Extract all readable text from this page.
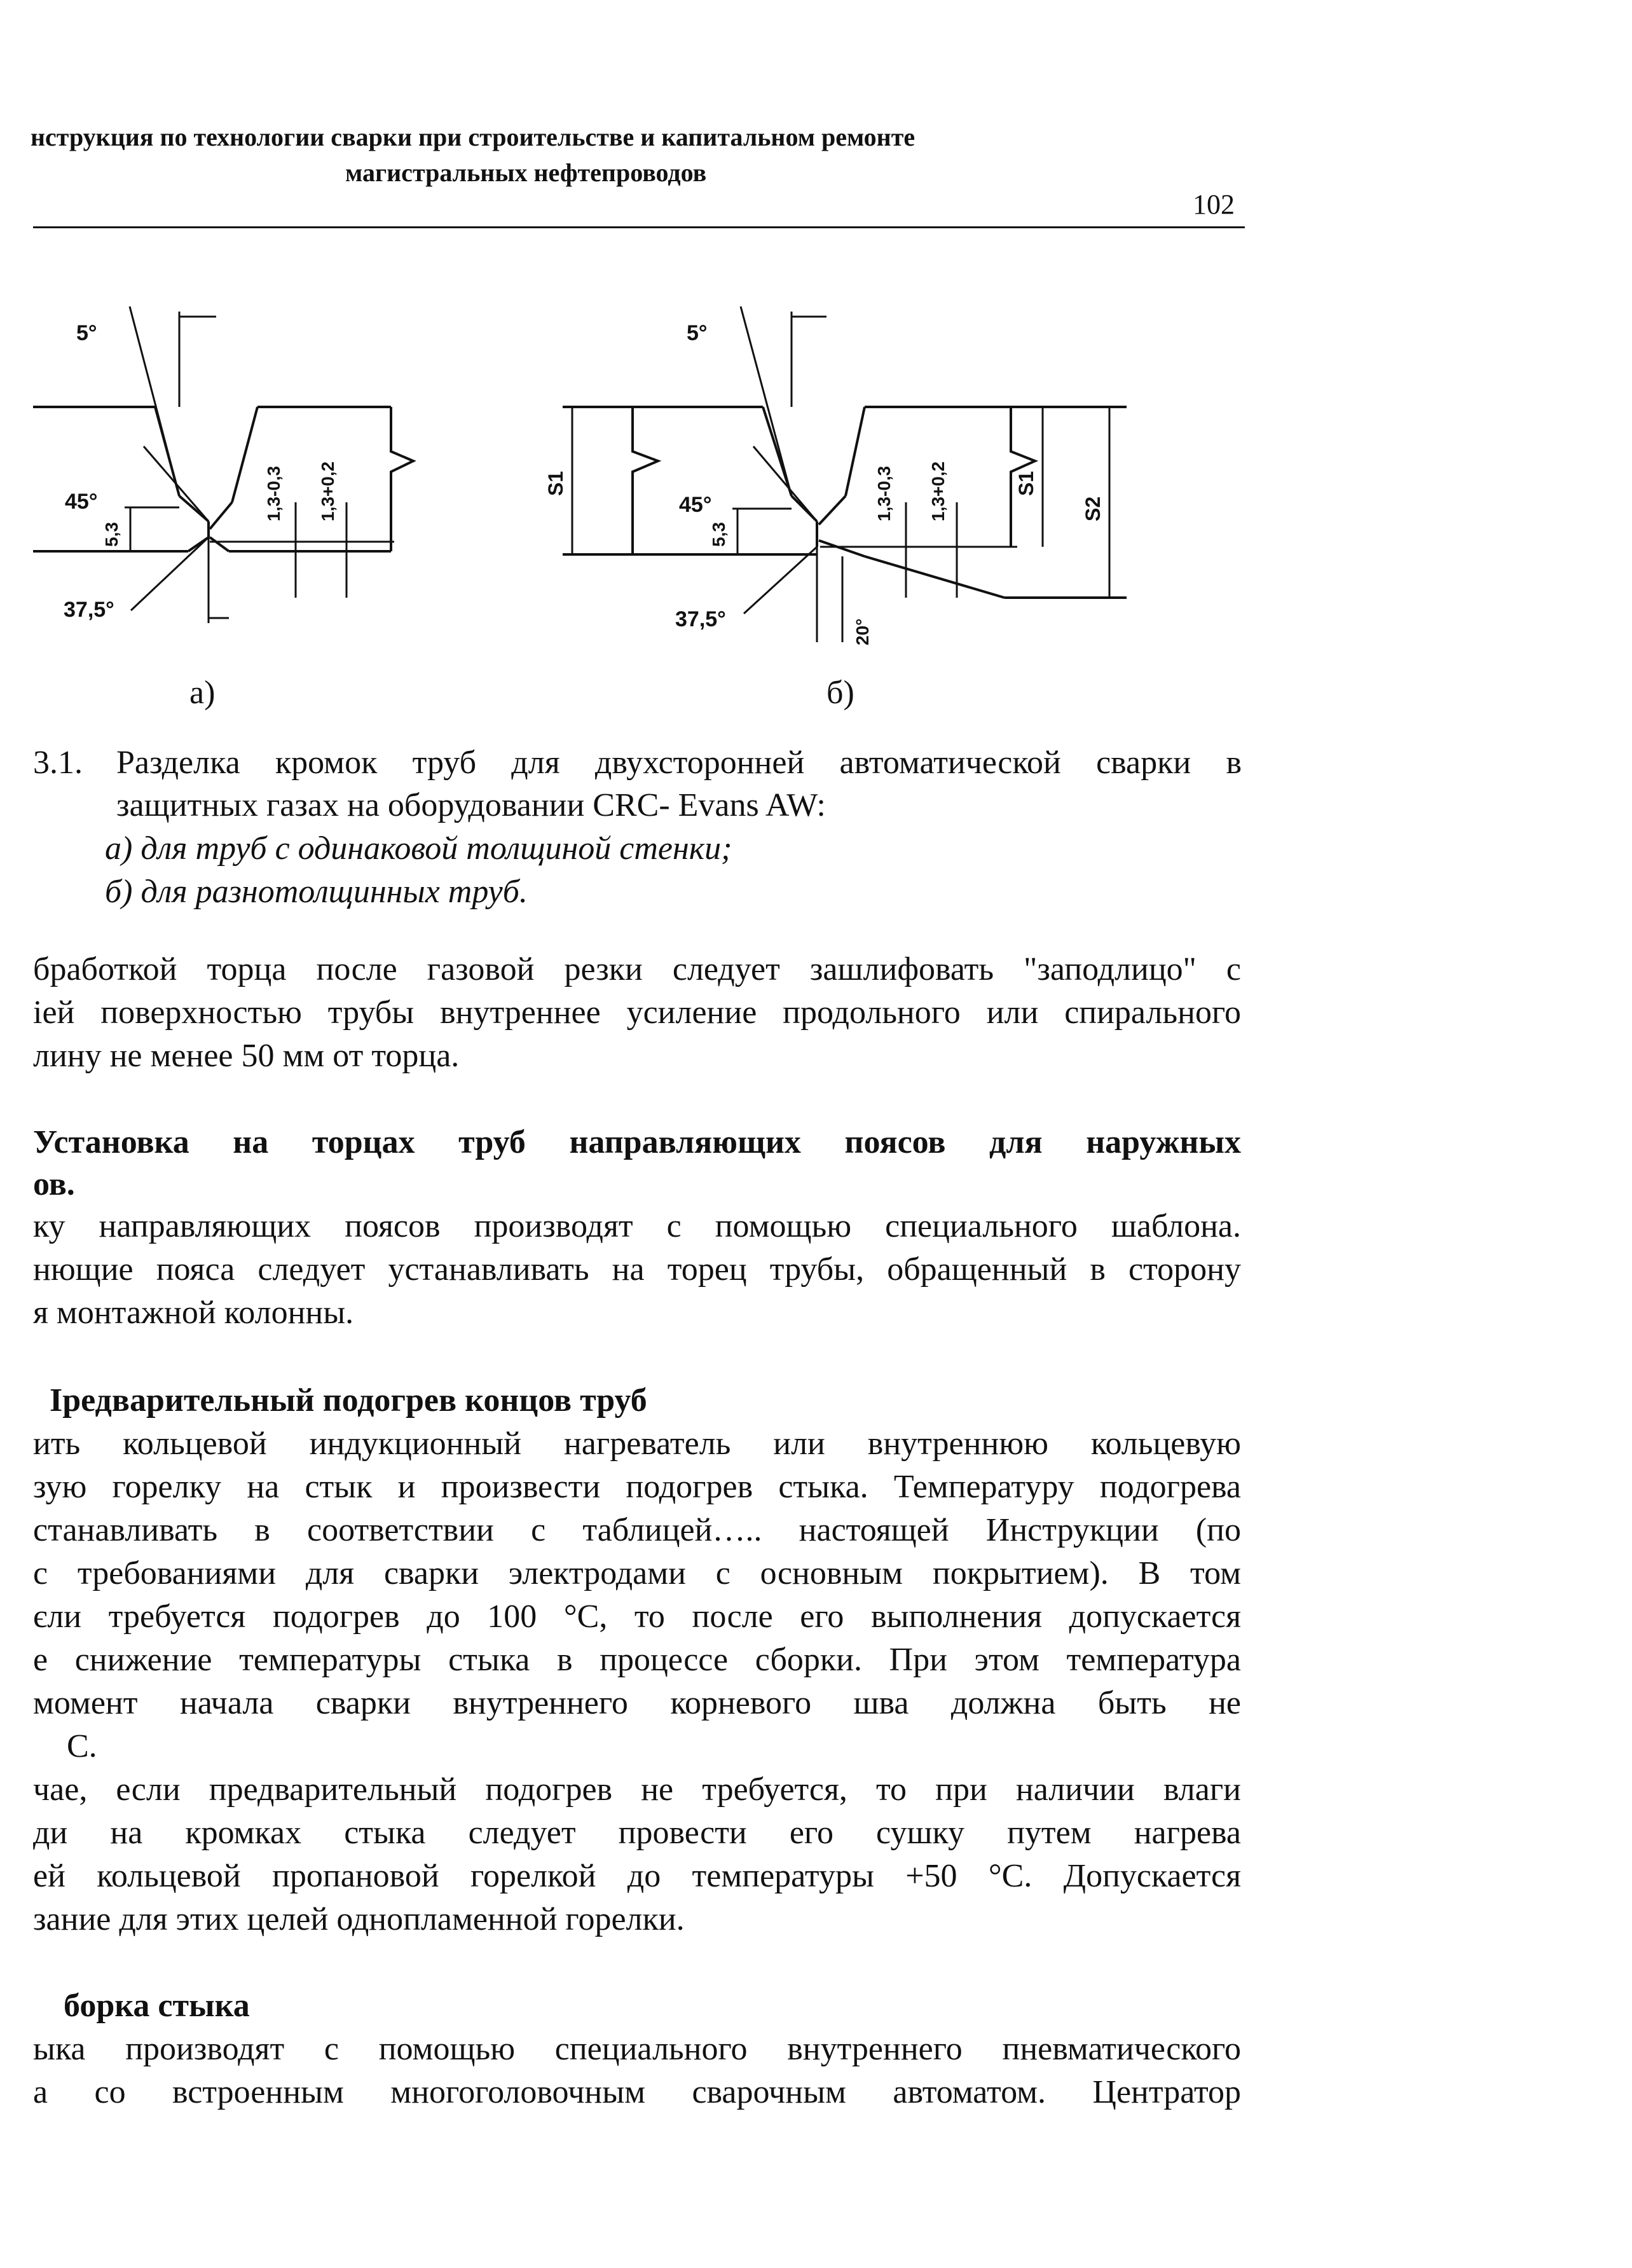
нструкция по технологии сварки при строительстве и капитальном ремонте
магистральных нефтепроводов
102
5°
45°
37,5°
5,3
1,3-0,3 1,3+0,2
5°
45°
37,5°	20°
5,3
1,3-0,3 1,3+0,2
S1	S1
S2
а)	б)
3.1. Разделка кромок труб для двухсторонней автоматической сварки в
защитных газах на оборудовании CRC- Evans AW:
а) для труб с одинаковой толщиной стенки;
б) для разнотолщинных труб.
бработкой торца после газовой резки следует зашлифовать "заподлицо" с
іей поверхностью трубы внутреннее усиление продольного или спирального
лину не менее 50 мм от торца.
Установка на торцах труб направляющих поясов для наружных
ов.
ку направляющих поясов производят с помощью специального шаблона.
нющие пояса следует устанавливать на торец трубы, обращенный в сторону
я монтажной колонны.
Іредварительный подогрев концов труб
ить кольцевой индукционный нагреватель или внутреннюю кольцевую
зую горелку на стык и произвести подогрев стыка. Температуру подогрева
станавливать в соответствии с таблицей….. настоящей Инструкции (по
с требованиями для сварки электродами с основным покрытием). В том
єли требуется подогрев до 100 °С, то после его выполнения допускается
е снижение температуры стыка в процессе сборки. При этом температура
момент начала сварки внутреннего корневого шва должна быть не
С.
чае, если предварительный подогрев не требуется, то при наличии влаги
ди на кромках стыка следует провести его сушку путем нагрева
ей кольцевой пропановой горелкой до температуры +50 °С. Допускается
зание для этих целей однопламенной горелки.
борка стыка
ыка производят с помощью специального внутреннего пневматического
а со встроенным многоголовочным сварочным автоматом. Центратор
